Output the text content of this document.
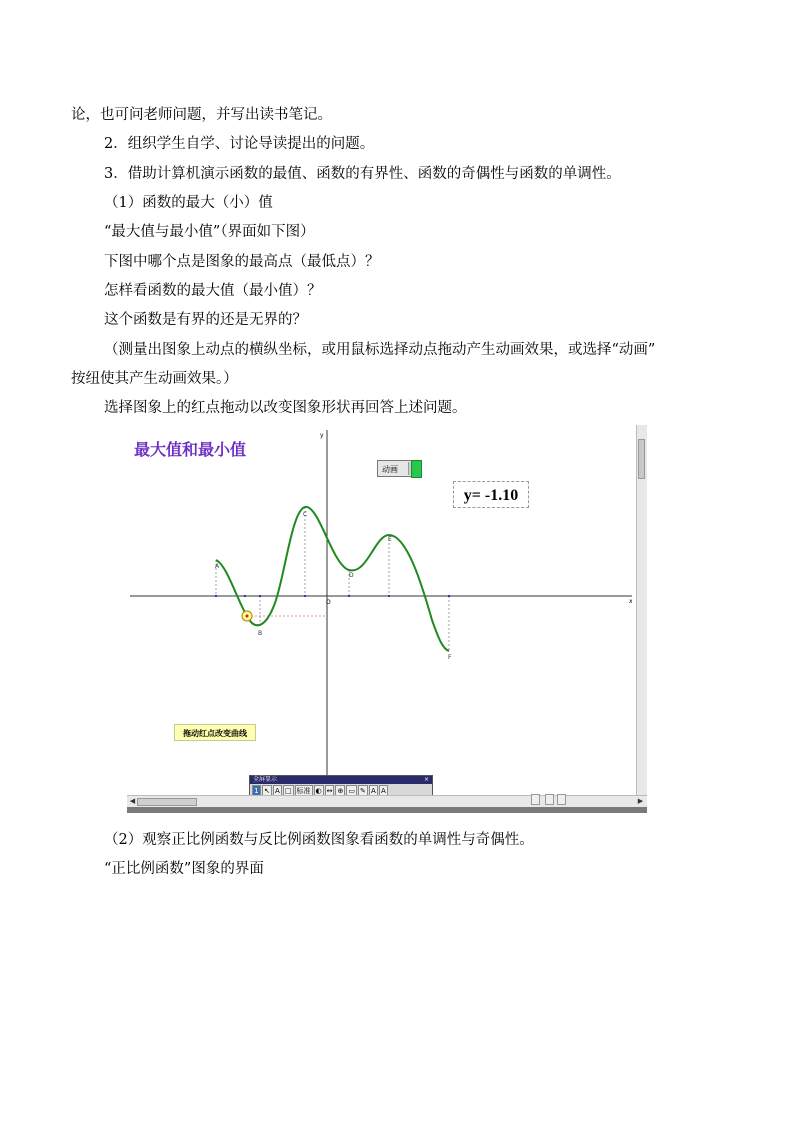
论，也可问老师问题，并写出读书笔记。
2．组织学生自学、讨论导读提出的问题。
3．借助计算机演示函数的最值、函数的有界性、函数的奇偶性与函数的单调性。
（1）函数的最大（小）值
“最大值与最小值”（界面如下图）
下图中哪个点是图象的最高点（最低点）？
怎样看函数的最大值（最小值）？
这个函数是有界的还是无界的？
（测量出图象上动点的横纵坐标，或用鼠标选择动点拖动产生动画效果，或选择“动画”
按纽使其产生动画效果。）
选择图象上的红点拖动以改变图象形状再回答上述问题。
x
y
O
A
B
C
D
E
F
最大值和最小值
动画
y= -1.10
拖动红点改变曲线
全屏显示	×
1 ↖ A □ 标准 ◐ ↔ ⊕ ▭ ✎ A A
◀	▶
（2）观察正比例函数与反比例函数图象看函数的单调性与奇偶性。
“正比例函数”图象的界面
